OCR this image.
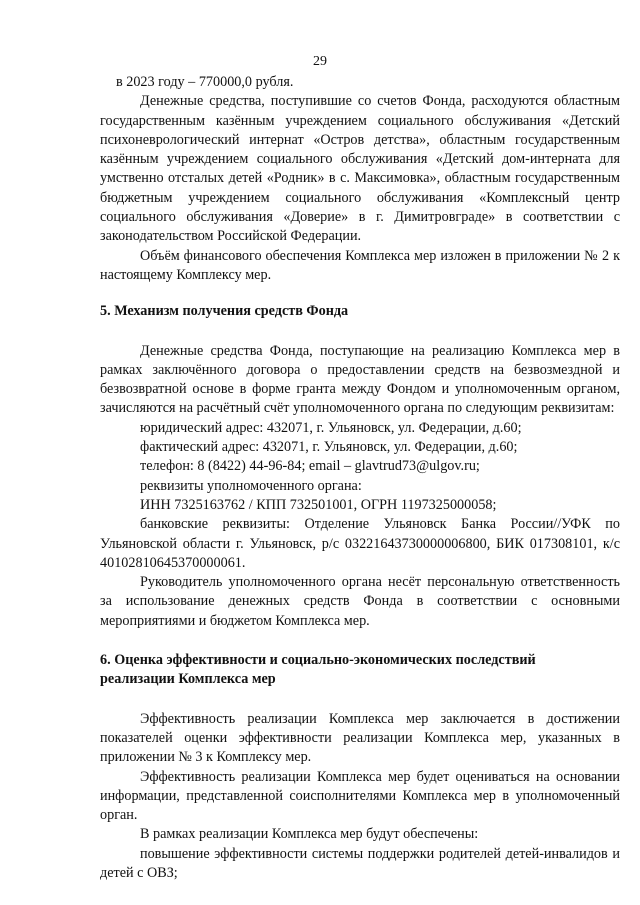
29

в 2023 году – 770000,0 рубля.

Денежные средства, поступившие со счетов Фонда, расходуются областным государственным казённым учреждением социального обслуживания «Детский психоневрологический интернат «Остров детства», областным государственным казённым учреждением социального обслуживания «Детский дом-интерната для умственно отсталых детей «Родник» в с. Максимовка», областным государственным бюджетным учреждением социального обслуживания «Комплексный центр социального обслуживания «Доверие» в г. Димитровграде» в соответствии с законодательством Российской Федерации.

Объём финансового обеспечения Комплекса мер изложен в приложении № 2 к настоящему Комплексу мер.

5. Механизм получения средств Фонда

Денежные средства Фонда, поступающие на реализацию Комплекса мер в рамках заключённого договора о предоставлении средств на безвозмездной и безвозвратной основе в форме гранта между Фондом и уполномоченным органом, зачисляются на расчётный счёт уполномоченного органа по следующим реквизитам:

юридический адрес: 432071, г. Ульяновск, ул. Федерации, д.60;

фактический адрес: 432071, г. Ульяновск, ул. Федерации, д.60;

телефон: 8 (8422) 44-96-84; email – glavtrud73@ulgov.ru;

реквизиты уполномоченного органа:

ИНН 7325163762 / КПП 732501001, ОГРН 1197325000058;

банковские реквизиты: Отделение Ульяновск Банка России//УФК по Ульяновской области г. Ульяновск, р/с 03221643730000006800, БИК 017308101, к/с 40102810645370000061.

Руководитель уполномоченного органа несёт персональную ответственность за использование денежных средств Фонда в соответствии с основными мероприятиями и бюджетом Комплекса мер.

6. Оценка эффективности и социально-экономических последствий

реализации Комплекса мер

Эффективность реализации Комплекса мер заключается в достижении показателей оценки эффективности реализации Комплекса мер, указанных в приложении № 3 к Комплексу мер.

Эффективность реализации Комплекса мер будет оцениваться на основании информации, представленной соисполнителями Комплекса мер в уполномоченный орган.

В рамках реализации Комплекса мер будут обеспечены:

повышение эффективности системы поддержки родителей детей-инвалидов и детей с ОВЗ;
